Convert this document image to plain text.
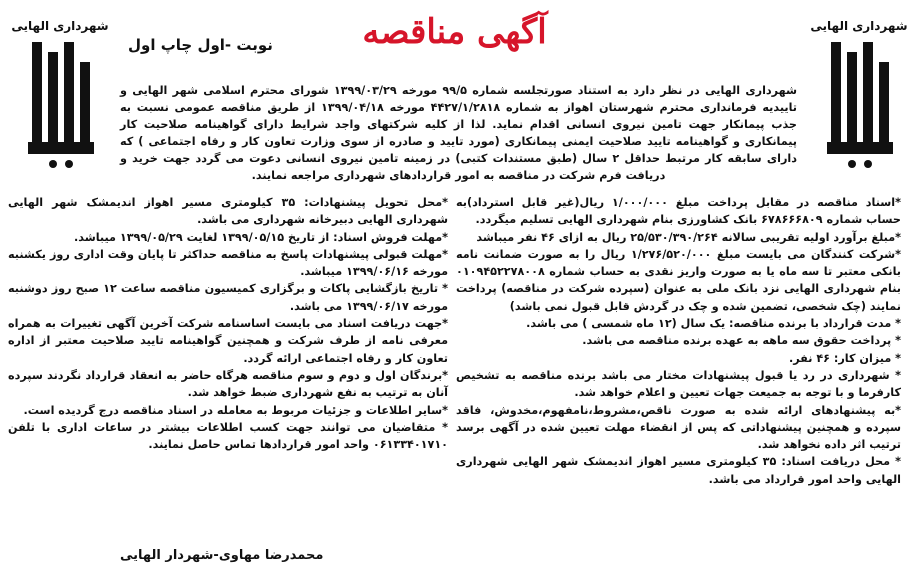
شهرداری الهایی
شهرداری الهایی	آگهی مناقصه
نوبت -اول چاپ اول
شهرداری الهایی در نظر دارد به استناد صورتجلسه شماره ۹۹/۵ مورخه ۱۳۹۹/۰۳/۲۹ شورای محترم اسلامی شهر الهایی و تاییدیه فرمانداری محترم شهرستان اهواز به شماره ۴۴۲۷/۱/۲۸۱۸ مورخه ۱۳۹۹/۰۴/۱۸ از طریق مناقصه عمومی نسبت به جذب پیمانکار جهت تامین نیروی انسانی اقدام نماید. لذا از کلیه شرکتهای واجد شرایط دارای گواهینامه صلاحیت کار پیمانکاری و گواهینامه تایید صلاحیت ایمنی پیمانکاری (مورد تایید و صادره از سوی وزارت تعاون کار و رفاه اجتماعی ) که دارای سابقه کار مرتبط حداقل ۲ سال (طبق مستندات کتبی) در زمینه تامین نیروی انسانی دعوت می گردد جهت خرید و دریافت فرم شرکت در مناقصه به امور قراردادهای شهرداری مراجعه نمایند.

*اسناد مناقصه در مقابل پرداخت مبلغ ۱/۰۰۰/۰۰۰ ریال(غیر قابل استرداد)به حساب شماره ۶۷۸۶۶۶۸۰۹ بانک کشاورزی بنام شهرداری الهایی تسلیم میگردد.

*مبلغ برآورد اولیه تقریبی سالانه ۲۵/۵۳۰/۳۹۰/۲۶۴ ریال به ازای ۴۶ نفر میباشد

*شرکت کنندگان می بایست مبلغ ۱/۲۷۶/۵۲۰/۰۰۰ ریال را به صورت ضمانت نامه بانکی معتبر تا سه ماه یا به صورت واریز نقدی به حساب شماره ۰۱۰۹۴۵۲۲۷۸۰۰۸ بنام شهرداری الهایی نزد بانک ملی به عنوان (سپرده شرکت در مناقصه) پرداخت نمایند (چک شخصی، تضمین شده و چک در گردش قابل قبول نمی باشد)

* مدت قرارداد با برنده مناقصه: یک سال (۱۲ ماه شمسی ) می باشد.

* پرداخت حقوق سه ماهه به عهده برنده مناقصه می باشد.

* میزان کار: ۴۶ نفر.

* شهرداری در رد یا قبول پیشنهادات مختار می باشد برنده مناقصه به تشخیص کارفرما و با توجه به جمیعت جهات تعیین و اعلام خواهد شد.

*به پیشنهادهای ارائه شده به صورت ناقص،مشروط،نامفهوم،مخدوش، فاقد سپرده و همچنین پیشنهاداتی که پس از انقضاء مهلت تعیین شده در آگهی برسد ترتیب اثر داده نخواهد شد.

* محل دریافت اسناد: ۳۵ کیلومتری مسیر اهواز اندیمشک شهر الهایی شهرداری الهایی واحد امور قرارداد می باشد.

*محل تحویل پیشنهادات: ۳۵ کیلومتری مسیر اهواز اندیمشک شهر الهایی شهرداری الهایی دبیرخانه شهرداری می باشد.

*مهلت فروش اسناد: از تاریخ ۱۳۹۹/۰۵/۱۵ لغایت ۱۳۹۹/۰۵/۲۹ میباشد.

*مهلت قبولی پیشنهادات پاسخ به مناقصه حداکثر تا پایان وقت اداری روز یکشنبه مورخه ۱۳۹۹/۰۶/۱۶ میباشد.

* تاریخ بازگشایی پاکات و برگزاری کمیسیون مناقصه ساعت ۱۲ صبح روز دوشنبه مورخه ۱۳۹۹/۰۶/۱۷ می باشد.

*جهت دریافت اسناد می بایست اساسنامه شرکت آخرین آگهی تغییرات به همراه معرفی نامه از طرف شرکت و همچنین گواهینامه تایید صلاحیت معتبر از اداره تعاون کار و رفاه اجتماعی ارائه گردد.

*برندگان اول و دوم و سوم مناقصه هرگاه حاضر به انعقاد قرارداد نگردند سپرده آنان به ترتیب به نفع شهرداری ضبط خواهد شد.

*سایر اطلاعات و جزئیات مربوط به معامله در اسناد مناقصه درج گردیده است.

* متقاضیان می توانند جهت کسب اطلاعات بیشتر در ساعات اداری با تلفن ۰۶۱۳۳۴۰۱۷۱۰ واحد امور قراردادها تماس حاصل نمایند.

محمدرضا مهاوی-شهردار الهایی
